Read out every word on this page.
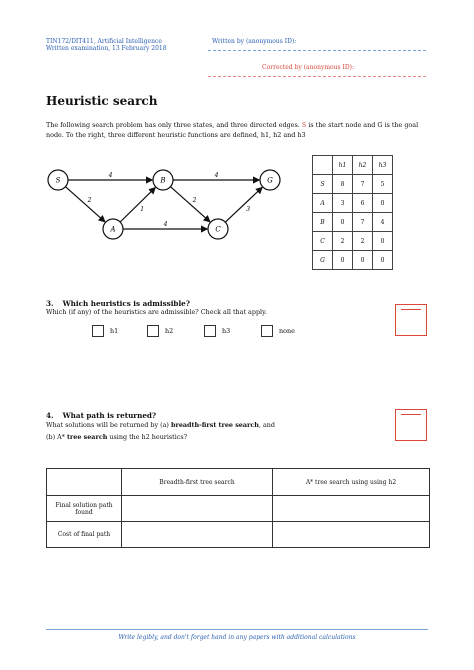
TIN172/DIT411, Artificial Intelligence
Written examination, 13 February 2018
Written by (anonymous ID):
Corrected by (anonymous ID):
Heuristic search
The following search problem has only three states, and three directed edges. S is the start node and G is the goal node. To the right, three different heuristic functions are defined, h1, h2 and h3
4
2
1
4
4
2
3
S	B	G
A	C
	h1	h2	h3
S	8	7	5
A	3	6	0
B	0	7	4
C	2	2	0
G	0	0	0
3. Which heuristics is admissible?
Which (if any) of the heuristics are admissible? Check all that apply.
h1	h2	h3	none
4. What path is returned?
What solutions will be returned by (a) breadth-first tree search, and
(b) A* tree search using the h2 heuristics?
	Breadth-first tree search	A* tree search using using h2
Final solution path found		
Cost of final path		
Write legibly, and don't forget hand in any papers with additional calculations
